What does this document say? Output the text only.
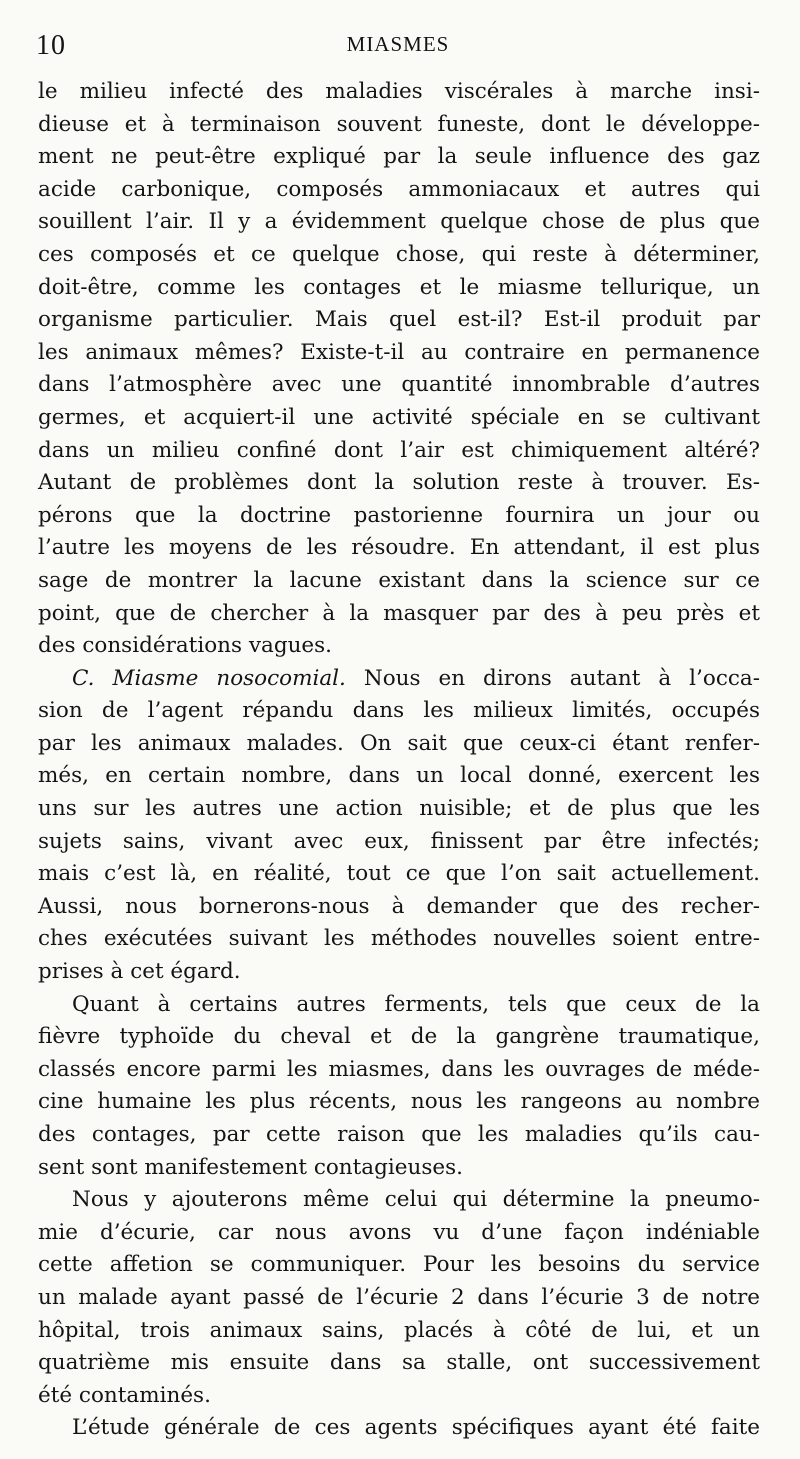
10	MIASMES
le milieu infecté des maladies viscérales à marche insi-
dieuse et à terminaison souvent funeste, dont le développe-
ment ne peut-être expliqué par la seule influence des gaz
acide carbonique, composés ammoniacaux et autres qui
souillent l’air. Il y a évidemment quelque chose de plus que
ces composés et ce quelque chose, qui reste à déterminer,
doit-être, comme les contages et le miasme tellurique, un
organisme particulier. Mais quel est-il? Est-il produit par
les animaux mêmes? Existe-t-il au contraire en permanence
dans l’atmosphère avec une quantité innombrable d’autres
germes, et acquiert-il une activité spéciale en se cultivant
dans un milieu confiné dont l’air est chimiquement altéré?
Autant de problèmes dont la solution reste à trouver. Es-
pérons que la doctrine pastorienne fournira un jour ou
l’autre les moyens de les résoudre. En attendant, il est plus
sage de montrer la lacune existant dans la science sur ce
point, que de chercher à la masquer par des à peu près et
des considérations vagues.
C. Miasme nosocomial. Nous en dirons autant à l’occa-
sion de l’agent répandu dans les milieux limités, occupés
par les animaux malades. On sait que ceux-ci étant renfer-
més, en certain nombre, dans un local donné, exercent les
uns sur les autres une action nuisible; et de plus que les
sujets sains, vivant avec eux, finissent par être infectés;
mais c’est là, en réalité, tout ce que l’on sait actuellement.
Aussi, nous bornerons-nous à demander que des recher-
ches exécutées suivant les méthodes nouvelles soient entre-
prises à cet égard.
Quant à certains autres ferments, tels que ceux de la
fièvre typhoïde du cheval et de la gangrène traumatique,
classés encore parmi les miasmes, dans les ouvrages de méde-
cine humaine les plus récents, nous les rangeons au nombre
des contages, par cette raison que les maladies qu’ils cau-
sent sont manifestement contagieuses.
Nous y ajouterons même celui qui détermine la pneumo-
mie d’écurie, car nous avons vu d’une façon indéniable
cette affetion se communiquer. Pour les besoins du service
un malade ayant passé de l’écurie 2 dans l’écurie 3 de notre
hôpital, trois animaux sains, placés à côté de lui, et un
quatrième mis ensuite dans sa stalle, ont successivement
été contaminés.
L’étude générale de ces agents spécifiques ayant été faite
